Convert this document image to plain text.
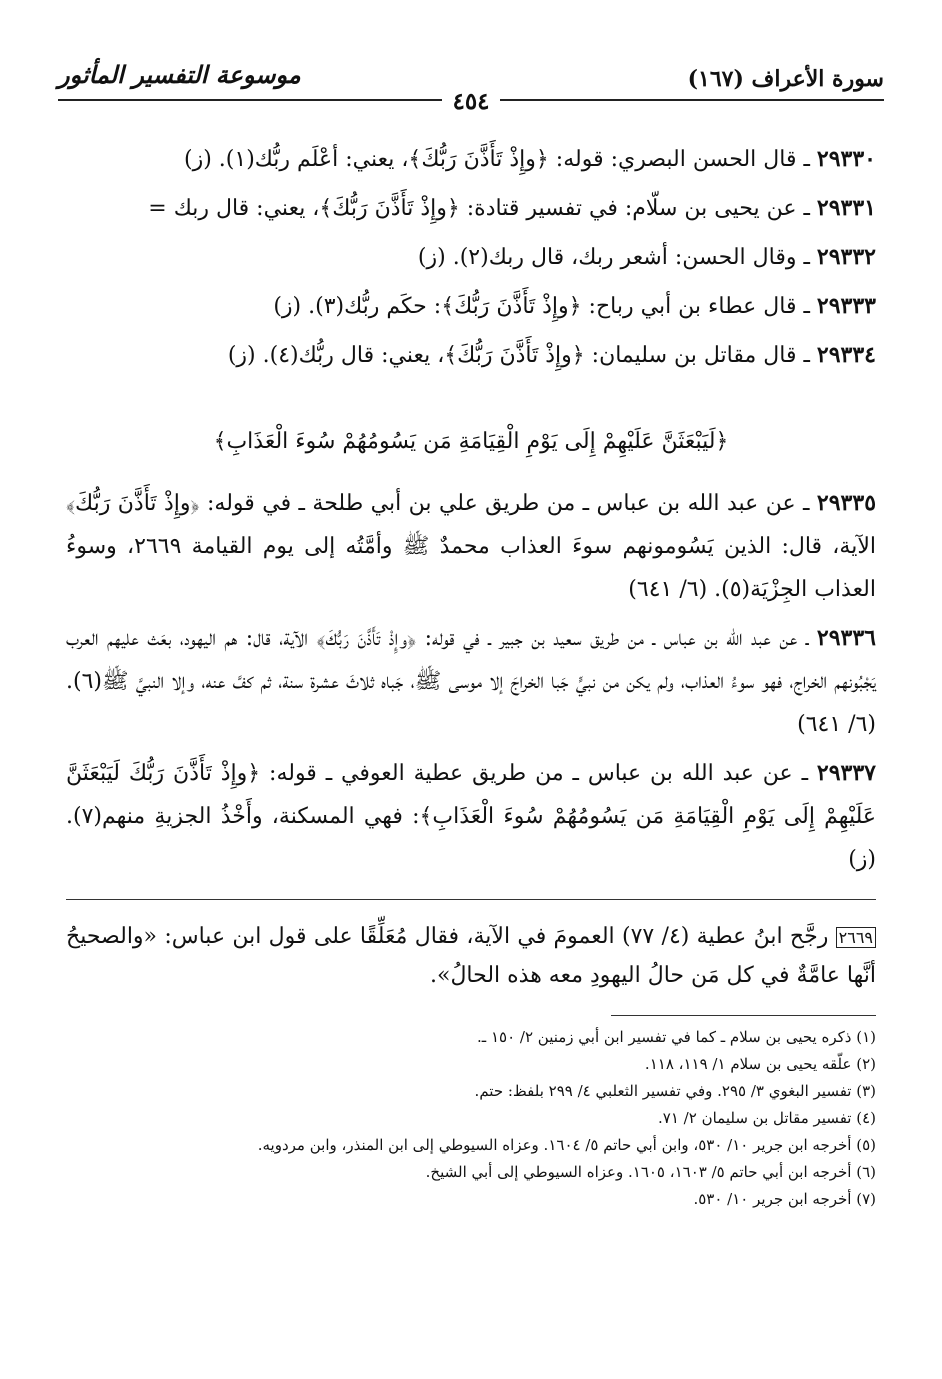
سورة الأعراف (١٦٧)
موسوعة التفسير المأثور
٤٥٤

٢٩٣٣٠ ـ قال الحسن البصري: قوله: ﴿وإِذْ تَأَذَّنَ رَبُّكَ﴾، يعني: أعْلَم ربُّك(١). (ز)

٢٩٣٣١ ـ عن يحيى بن سلّام: في تفسير قتادة: ﴿وإِذْ تَأَذَّنَ رَبُّكَ﴾، يعني: قال ربك =

٢٩٣٣٢ ـ وقال الحسن: أشعر ربك، قال ربك(٢). (ز)

٢٩٣٣٣ ـ قال عطاء بن أبي رباح: ﴿وإِذْ تَأَذَّنَ رَبُّكَ﴾: حكَم ربُّك(٣). (ز)

٢٩٣٣٤ ـ قال مقاتل بن سليمان: ﴿وإِذْ تَأَذَّنَ رَبُّكَ﴾، يعني: قال ربُّك(٤). (ز)

﴿لَيَبْعَثَنَّ عَلَيْهِمْ إِلَى يَوْمِ الْقِيَامَةِ مَن يَسُومُهُمْ سُوءَ الْعَذَابِ﴾

٢٩٣٣٥ ـ عن عبد الله بن عباس ـ من طريق علي بن أبي طلحة ـ في قوله: ﴿وإِذْ تَأَذَّنَ رَبُّكَ﴾ الآية، قال: الذين يَسُومونهم سوءَ العذاب محمدٌ ﷺ وأمَّتُه إلى يوم القيامة ٢٦٦٩، وسوءُ العذاب الجِزْيَة(٥). (٦/ ٦٤١)

٢٩٣٣٦ ـ عن عبد الله بن عباس ـ من طريق سعيد بن جبير ـ في قوله: ﴿وإِذْ تَأَذَّنَ رَبُّكَ﴾ الآية، قال: هم اليهود، بعَث عليهم العرب يَجْبُونهم الخراج، فهو سوءُ العذاب، ولم يكن من نبيٍّ جَبا الخراجَ إلا موسى ﷺ، جَباه ثلاثَ عشرة سنة، ثم كفَّ عنه، وإلا النبيَّ ﷺ(٦). (٦/ ٦٤١)

٢٩٣٣٧ ـ عن عبد الله بن عباس ـ من طريق عطية العوفي ـ قوله: ﴿وإِذْ تَأَذَّنَ رَبُّكَ لَيَبْعَثَنَّ عَلَيْهِمْ إِلَى يَوْمِ الْقِيَامَةِ مَن يَسُومُهُمْ سُوءَ الْعَذَابِ﴾: فهي المسكنة، وأَخْذُ الجزيةِ منهم(٧). (ز)

٢٦٦٩ رجَّح ابنُ عطية (٤/ ٧٧) العمومَ في الآية، فقال مُعَلِّقًا على قول ابن عباس: «والصحيحُ أنَّها عامَّةٌ في كل مَن حالُ اليهودِ معه هذه الحالُ».
(١) ذكره يحيى بن سلام ـ كما في تفسير ابن أبي زمنين ٢/ ١٥٠ ـ.
(٢) علّقه يحيى بن سلام ١/ ١١٩، ١١٨.
(٣) تفسير البغوي ٣/ ٢٩٥. وفي تفسير الثعلبي ٤/ ٢٩٩ بلفظ: حتم.
(٤) تفسير مقاتل بن سليمان ٢/ ٧١.
(٥) أخرجه ابن جرير ١٠/ ٥٣٠، وابن أبي حاتم ٥/ ١٦٠٤. وعزاه السيوطي إلى ابن المنذر، وابن مردويه.
(٦) أخرجه ابن أبي حاتم ٥/ ١٦٠٣، ١٦٠٥. وعزاه السيوطي إلى أبي الشيخ.
(٧) أخرجه ابن جرير ١٠/ ٥٣٠.
